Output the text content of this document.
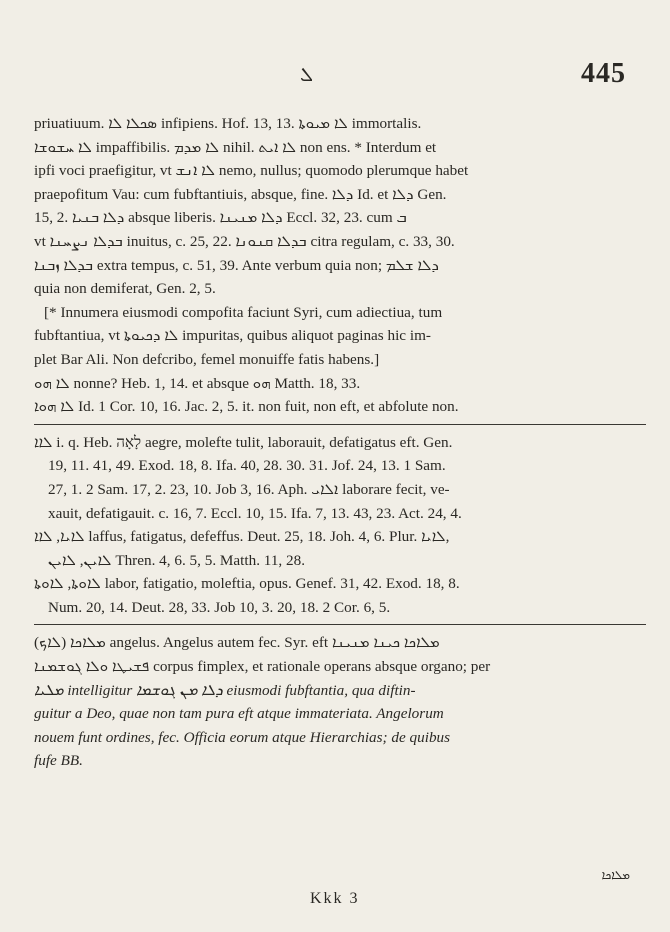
ܠ	445

priuatiuum. ܣܟܠܐ ܠܐ infipiens. Hof. 13, 13. ܠܐ ܡܝܘܬܐ immortalis.

ܠܐ ܚܫܘܫܐ impaffibilis. ܠܐ ܡܕܡ nihil. ܠܐ ܐܝܬ non ens. * Interdum et

ipfi voci praefigitur, vt ܠܐ ܐܢܫ nemo, nullus; quomodo plerumque habet

praepofitum Vau: cum fubftantiuis, absque, fine. ܕܠܐ Id. et ܕܠܐ Gen.

15, 2. ܕܠܐ ܒܢܝܐ absque liberis. ܕܠܐ ܡܢܝܢܐ Eccl. 32, 23. cum ܒ

vt ܒܕܠܐ ܢܨܚܢܐ inuitus, c. 25, 22. ܒܕܠܐ ܩܢܘܢܐ citra regulam, c. 33, 30.

ܒܕܠܐ ܙܒܢܐ extra tempus, c. 51, 39. Ante verbum quia non; ܕܠܐ ܫܠܡ

quia non demiferat, Gen. 2, 5.

[* Innumera eiusmodi compofita faciunt Syri, cum adiectiua, tum

fubftantiua, vt ܠܐ ܕܟܝܘܬܐ impuritas, quibus aliquot paginas hic im-

plet Bar Ali. Non defcribo, femel monuiffe fatis habens.]

ܠܐ ܗܘ nonne? Heb. 1, 14. et absque ܗܘ Matth. 18, 33.

ܠܐ ܗܘܐ Id. 1 Cor. 10, 16. Jac. 2, 5. it. non fuit, non eft, et abfolute non.

ܠܐܐ i. q. Heb. לָאָה aegre, molefte tulit, laborauit, defatigatus eft. Gen.

19, 11. 41, 49. Exod. 18, 8. Ifa. 40, 28. 30. 31. Jof. 24, 13. 1 Sam.

27, 1. 2 Sam. 17, 2. 23, 10. Job 3, 16. Aph. ܐܠܐܝ laborare fecit, ve-

xauit, defatigauit. c. 16, 7. Eccl. 10, 15. Ifa. 7, 13. 43, 23. Act. 24, 4.

ܠܐܝܐ, ܠܐܐ laffus, fatigatus, defeffus. Deut. 25, 18. Joh. 4, 6. Plur. ܠܐܝܐ,

ܠܐܝܢ, ܠܐܝܢ Thren. 4, 6. 5, 5. Matth. 11, 28.

ܠܐܘܬܐ, ܠܐܘܬܐ labor, fatigatio, moleftia, opus. Genef. 31, 42. Exod. 18, 8.

Num. 20, 14. Deut. 28, 33. Job 10, 3. 20, 18. 2 Cor. 6, 5.

(ܠܐܟ) ܡܠܐܟܐ angelus. Angelus autem fec. Syr. eft ܡܠܐܟܐ ܟܝܢܐ ܡܢܝܢܐ

ܦܫܝܛܐ ܘܠܐ ܓܘܫܡܢܐ corpus fimplex, et rationale operans absque organo; per

ܡܠܝܐ intelligitur ܕܠܐ ܡܢ ܓܘܫܡܐ eiusmodi fubftantia, qua diftin-

guitur a Deo, quae non tam pura eft atque immateriata. Angelorum

nouem funt ordines, fec. Officia eorum atque Hierarchias; de quibus

fufe BB.

ܡܠܐܟܐ
Kkk 3
